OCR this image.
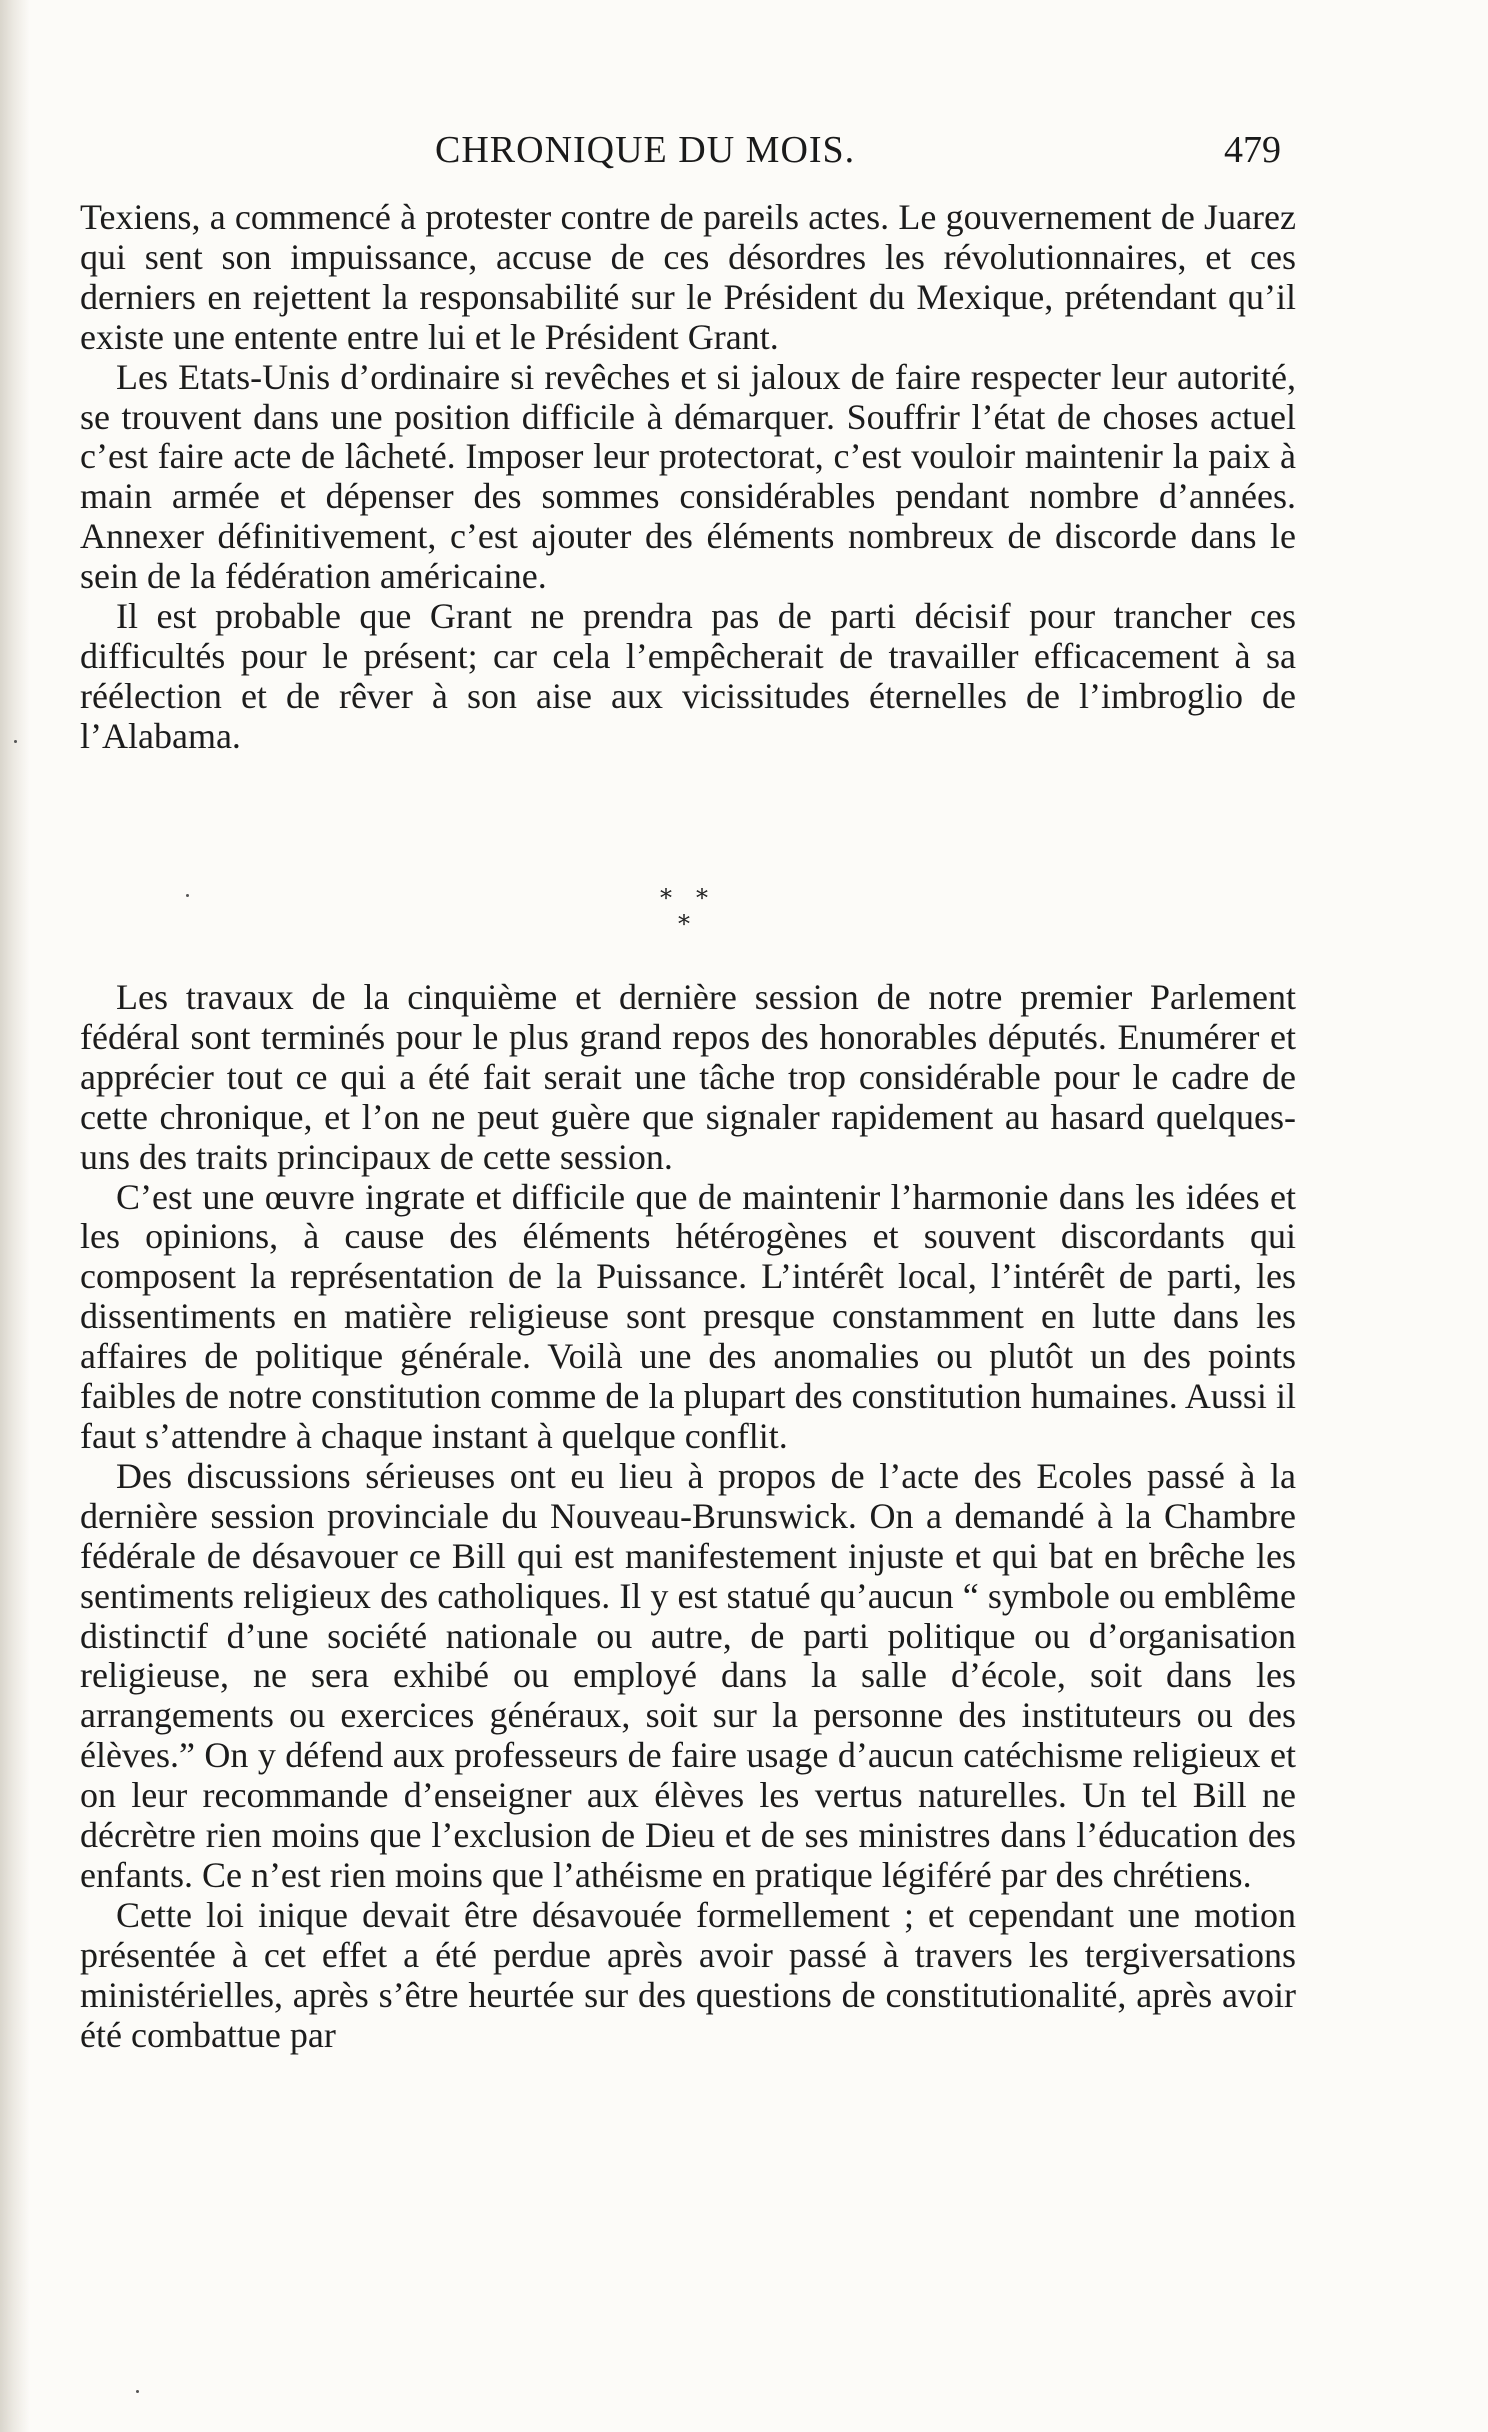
CHRONIQUE DU MOIS.	479

Texiens, a commencé à protester contre de pareils actes. Le gouvernement de Juarez qui sent son impuissance, accuse de ces désordres les révolutionnaires, et ces derniers en rejettent la responsabilité sur le Président du Mexique, prétendant qu’il existe une entente entre lui et le Président Grant.

Les Etats-Unis d’ordinaire si revêches et si jaloux de faire respecter leur autorité, se trouvent dans une position difficile à démarquer. Souffrir l’état de choses actuel c’est faire acte de lâcheté. Imposer leur protectorat, c’est vouloir maintenir la paix à main armée et dépenser des sommes considérables pendant nombre d’années. Annexer définitivement, c’est ajouter des éléments nombreux de discorde dans le sein de la fédération américaine.

Il est probable que Grant ne prendra pas de parti décisif pour trancher ces difficultés pour le présent; car cela l’empêcherait de travailler efficacement à sa réélection et de rêver à son aise aux vicissitudes éternelles de l’imbroglio de l’Alabama.

* *
*

Les travaux de la cinquième et dernière session de notre premier Parlement fédéral sont terminés pour le plus grand repos des honorables députés. Enumérer et apprécier tout ce qui a été fait serait une tâche trop considérable pour le cadre de cette chronique, et l’on ne peut guère que signaler rapidement au hasard quelques-uns des traits principaux de cette session.

C’est une œuvre ingrate et difficile que de maintenir l’harmonie dans les idées et les opinions, à cause des éléments hétérogènes et souvent discordants qui composent la représentation de la Puissance. L’intérêt local, l’intérêt de parti, les dissentiments en matière religieuse sont presque constamment en lutte dans les affaires de politique générale. Voilà une des anomalies ou plutôt un des points faibles de notre constitution comme de la plupart des constitution humaines. Aussi il faut s’attendre à chaque instant à quelque conflit.

Des discussions sérieuses ont eu lieu à propos de l’acte des Ecoles passé à la dernière session provinciale du Nouveau-Brunswick. On a demandé à la Chambre fédérale de désavouer ce Bill qui est manifestement injuste et qui bat en brêche les sentiments religieux des catholiques. Il y est statué qu’aucun “ symbole ou emblême distinctif d’une société nationale ou autre, de parti politique ou d’organisation religieuse, ne sera exhibé ou employé dans la salle d’école, soit dans les arrangements ou exercices généraux, soit sur la personne des instituteurs ou des élèves.” On y défend aux professeurs de faire usage d’aucun catéchisme religieux et on leur recommande d’enseigner aux élèves les vertus naturelles. Un tel Bill ne décrètre rien moins que l’exclusion de Dieu et de ses ministres dans l’éducation des enfants. Ce n’est rien moins que l’athéisme en pratique légiféré par des chrétiens.

Cette loi inique devait être désavouée formellement ; et cependant une motion présentée à cet effet a été perdue après avoir passé à travers les tergiversations ministérielles, après s’être heurtée sur des questions de constitutionalité, après avoir été combattue par
